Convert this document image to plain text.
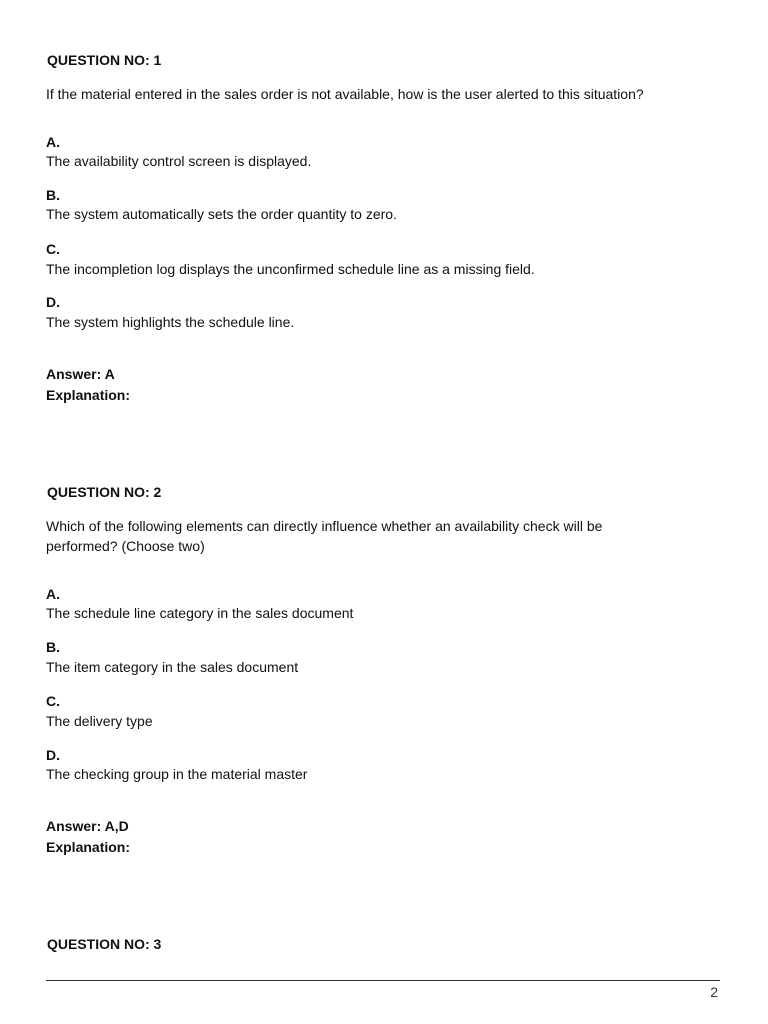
QUESTION NO: 1
If the material entered in the sales order is not available, how is the user alerted to this situation?
A.
The availability control screen is displayed.
B.
The system automatically sets the order quantity to zero.
C.
The incompletion log displays the unconfirmed schedule line as a missing field.
D.
The system highlights the schedule line.
Answer: A
Explanation:
QUESTION NO: 2
Which of the following elements can directly influence whether an availability check will be
performed? (Choose two)
A.
The schedule line category in the sales document
B.
The item category in the sales document
C.
The delivery type
D.
The checking group in the material master
Answer: A,D
Explanation:
QUESTION NO: 3
2
